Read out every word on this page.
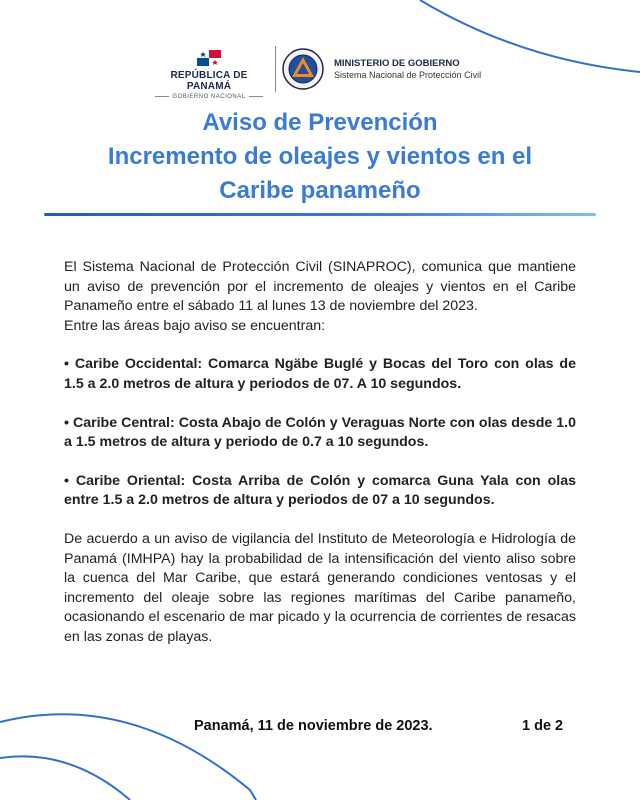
REPÚBLICA DE PANAMÁ
GOBIERNO NACIONAL
MINISTERIO DE GOBIERNO
Sistema Nacional de Protección Civil
Aviso de Prevención
Incremento de oleajes y vientos en el
Caribe panameño

El Sistema Nacional de Protección Civil (SINAPROC), comunica que mantiene un aviso de prevención por el incremento de oleajes y vientos en el Caribe Panameño entre el sábado 11 al lunes 13 de noviembre del 2023.

Entre las áreas bajo aviso se encuentran:

• Caribe Occidental: Comarca Ngäbe Buglé y Bocas del Toro con olas de 1.5 a 2.0 metros de altura y periodos de 07. A 10 segundos.

• Caribe Central: Costa Abajo de Colón y Veraguas Norte con olas desde 1.0 a 1.5 metros de altura y periodo de 0.7 a 10 segundos.

• Caribe Oriental: Costa Arriba de Colón y comarca Guna Yala con olas entre 1.5 a 2.0 metros de altura y periodos de 07 a 10 segundos.

De acuerdo a un aviso de vigilancia del Instituto de Meteorología e Hidrología de Panamá (IMHPA) hay la probabilidad de la intensificación del viento aliso sobre la cuenca del Mar Caribe, que estará generando condiciones ventosas y el incremento del oleaje sobre las regiones marítimas del Caribe panameño, ocasionando el escenario de mar picado y la ocurrencia de corrientes de resacas en las zonas de playas.

Panamá, 11 de noviembre de 2023.	1 de 2
